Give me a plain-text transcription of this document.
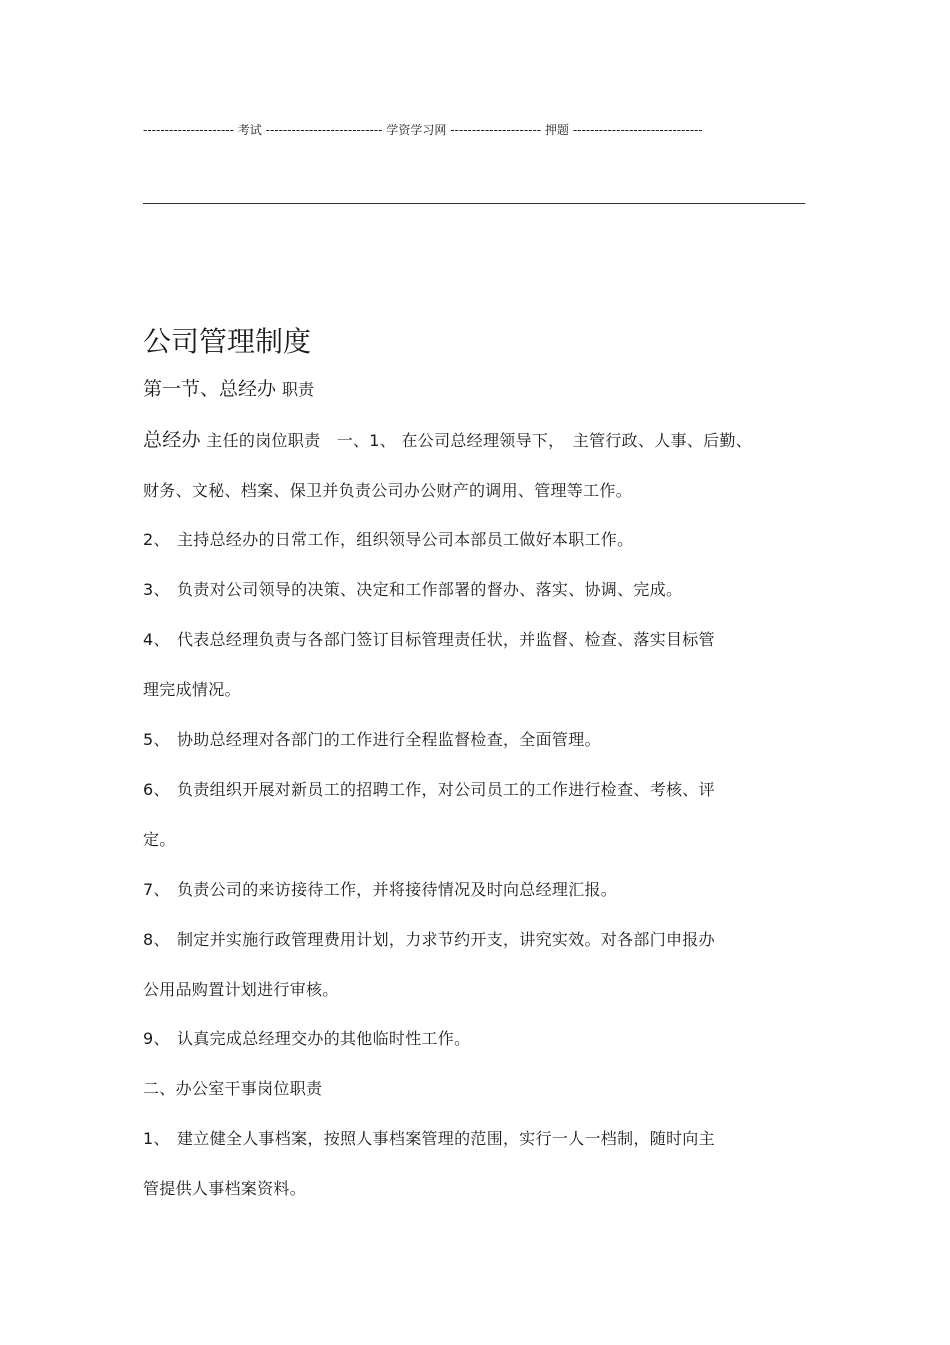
--------------------- 考试 --------------------------- 学资学习网 --------------------- 押题 ------------------------------
公司管理制度
第一节、总经办 职责
总经办 主任的岗位职责　一、1、 在公司总经理领导下，　主管行政、人事、后勤、
财务、文秘、档案、保卫并负责公司办公财产的调用、管理等工作。
2、 主持总经办的日常工作，组织领导公司本部员工做好本职工作。
3、 负责对公司领导的决策、决定和工作部署的督办、落实、协调、完成。
4、 代表总经理负责与各部门签订目标管理责任状，并监督、检查、落实目标管
理完成情况。
5、 协助总经理对各部门的工作进行全程监督检查，全面管理。
6、 负责组织开展对新员工的招聘工作，对公司员工的工作进行检查、考核、评
定。
7、 负责公司的来访接待工作，并将接待情况及时向总经理汇报。
8、 制定并实施行政管理费用计划，力求节约开支，讲究实效。对各部门申报办
公用品购置计划进行审核。
9、 认真完成总经理交办的其他临时性工作。
二、办公室干事岗位职责
1、 建立健全人事档案，按照人事档案管理的范围，实行一人一档制，随时向主
管提供人事档案资料。
